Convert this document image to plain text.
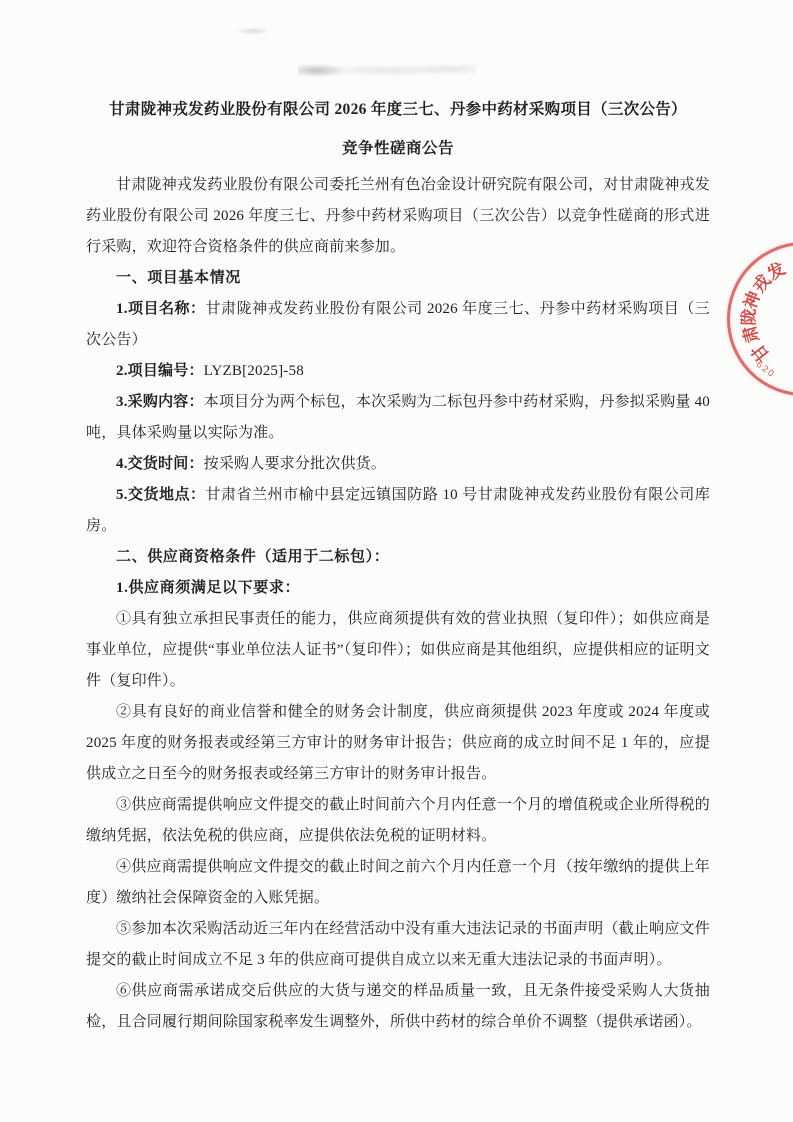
甘肃陇神戎发药业股份有限公司 2026 年度三七、丹参中药材采购项目（三次公告）

竞争性磋商公告

甘肃陇神戎发药业股份有限公司委托兰州有色冶金设计研究院有限公司，对甘肃陇神戎发药业股份有限公司 2026 年度三七、丹参中药材采购项目（三次公告）以竞争性磋商的形式进行采购，欢迎符合资格条件的供应商前来参加。

一、项目基本情况

1.项目名称：甘肃陇神戎发药业股份有限公司 2026 年度三七、丹参中药材采购项目（三次公告）

2.项目编号：LYZB[2025]-58

3.采购内容：本项目分为两个标包，本次采购为二标包丹参中药材采购，丹参拟采购量 40 吨，具体采购量以实际为准。

4.交货时间：按采购人要求分批次供货。

5.交货地点：甘肃省兰州市榆中县定远镇国防路 10 号甘肃陇神戎发药业股份有限公司库房。

二、供应商资格条件（适用于二标包）：

1.供应商须满足以下要求：

①具有独立承担民事责任的能力，供应商须提供有效的营业执照（复印件）；如供应商是事业单位，应提供“事业单位法人证书”（复印件）；如供应商是其他组织，应提供相应的证明文件（复印件）。

②具有良好的商业信誉和健全的财务会计制度，供应商须提供 2023 年度或 2024 年度或 2025 年度的财务报表或经第三方审计的财务审计报告；供应商的成立时间不足 1 年的，应提供成立之日至今的财务报表或经第三方审计的财务审计报告。

③供应商需提供响应文件提交的截止时间前六个月内任意一个月的增值税或企业所得税的缴纳凭据，依法免税的供应商，应提供依法免税的证明材料。

④供应商需提供响应文件提交的截止时间之前六个月内任意一个月（按年缴纳的提供上年度）缴纳社会保障资金的入账凭据。

⑤参加本次采购活动近三年内在经营活动中没有重大违法记录的书面声明（截止响应文件提交的截止时间成立不足 3 年的供应商可提供自成立以来无重大违法记录的书面声明）。

⑥供应商需承诺成交后供应的大货与递交的样品质量一致，且无条件接受采购人大货抽检，且合同履行期间除国家税率发生调整外，所供中药材的综合单价不调整（提供承诺函）。

甘
肃
陇
神
戎
发
620
